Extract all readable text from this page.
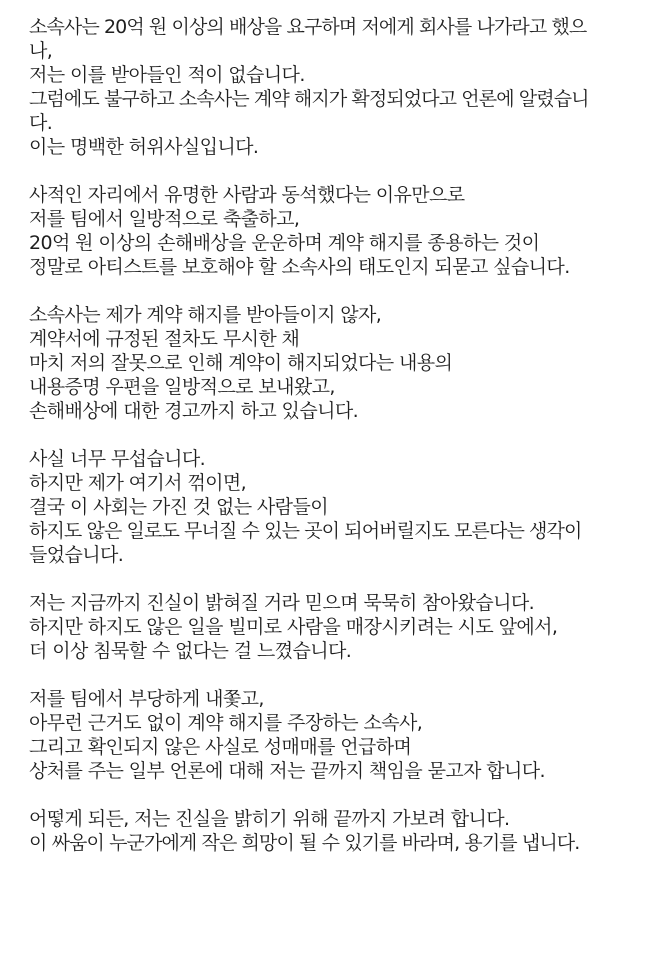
소속사는 20억 원 이상의 배상을 요구하며 저에게 회사를 나가라고 했으
나,
저는 이를 받아들인 적이 없습니다.
그럼에도 불구하고 소속사는 계약 해지가 확정되었다고 언론에 알렸습니
다.
이는 명백한 허위사실입니다.
사적인 자리에서 유명한 사람과 동석했다는 이유만으로
저를 팀에서 일방적으로 축출하고,
20억 원 이상의 손해배상을 운운하며 계약 해지를 종용하는 것이
정말로 아티스트를 보호해야 할 소속사의 태도인지 되묻고 싶습니다.
소속사는 제가 계약 해지를 받아들이지 않자,
계약서에 규정된 절차도 무시한 채
마치 저의 잘못으로 인해 계약이 해지되었다는 내용의
내용증명 우편을 일방적으로 보내왔고,
손해배상에 대한 경고까지 하고 있습니다.
사실 너무 무섭습니다.
하지만 제가 여기서 꺾이면,
결국 이 사회는 가진 것 없는 사람들이
하지도 않은 일로도 무너질 수 있는 곳이 되어버릴지도 모른다는 생각이
들었습니다.
저는 지금까지 진실이 밝혀질 거라 믿으며 묵묵히 참아왔습니다.
하지만 하지도 않은 일을 빌미로 사람을 매장시키려는 시도 앞에서,
더 이상 침묵할 수 없다는 걸 느꼈습니다.
저를 팀에서 부당하게 내쫓고,
아무런 근거도 없이 계약 해지를 주장하는 소속사,
그리고 확인되지 않은 사실로 성매매를 언급하며
상처를 주는 일부 언론에 대해 저는 끝까지 책임을 묻고자 합니다.
어떻게 되든, 저는 진실을 밝히기 위해 끝까지 가보려 합니다.
이 싸움이 누군가에게 작은 희망이 될 수 있기를 바라며, 용기를 냅니다.
